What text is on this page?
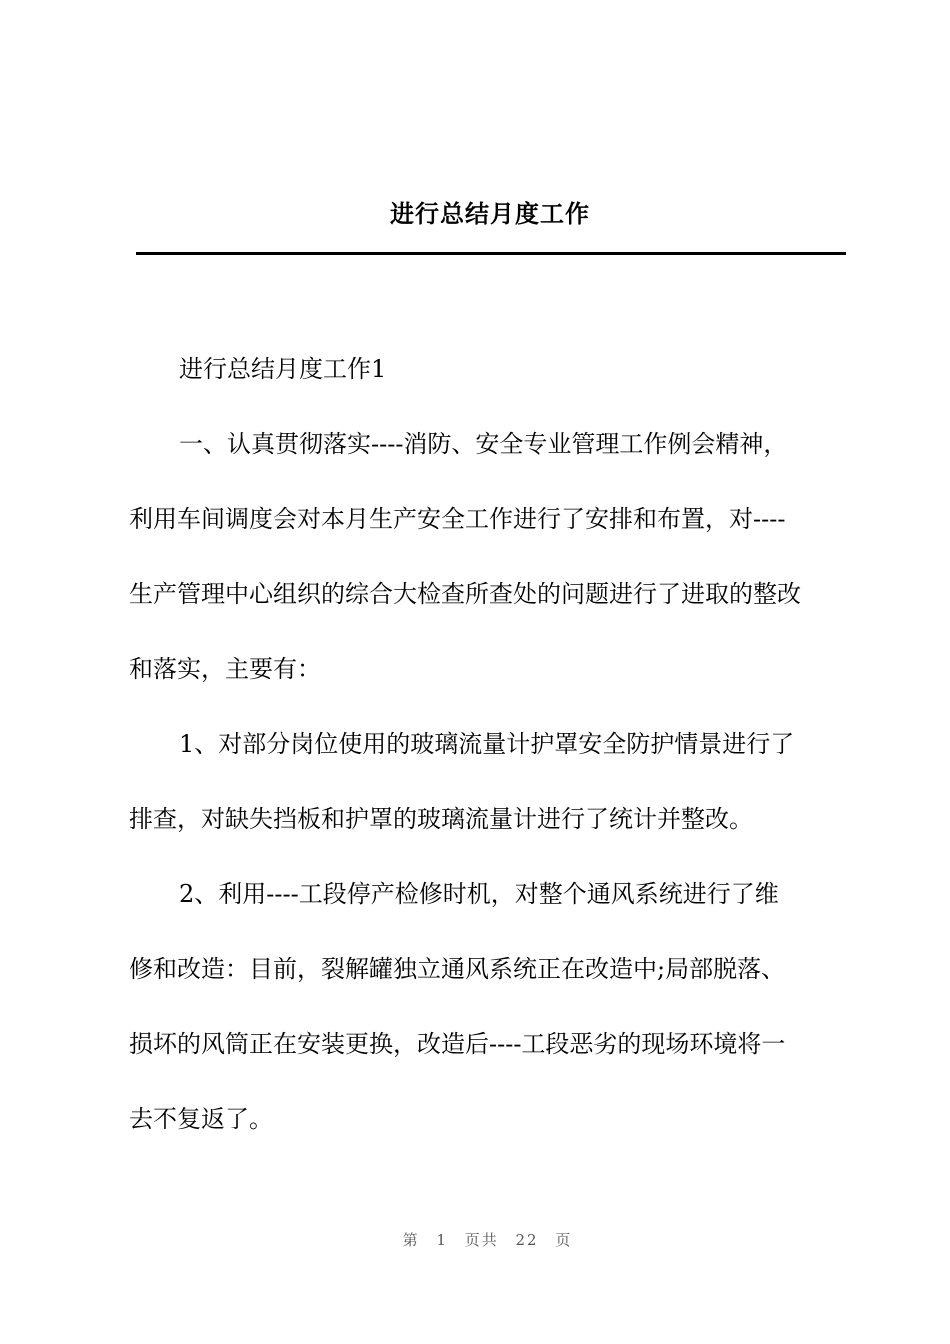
进行总结月度工作
进行总结月度工作1
一、认真贯彻落实----消防、安全专业管理工作例会精神，
利用车间调度会对本月生产安全工作进行了安排和布置，对----
生产管理中心组织的综合大检查所查处的问题进行了进取的整改
和落实，主要有：
1、对部分岗位使用的玻璃流量计护罩安全防护情景进行了
排查，对缺失挡板和护罩的玻璃流量计进行了统计并整改。
2、利用----工段停产检修时机，对整个通风系统进行了维
修和改造：目前，裂解罐独立通风系统正在改造中;局部脱落、
损坏的风筒正在安装更换，改造后----工段恶劣的现场环境将一
去不复返了。
第 1 页共 22 页
